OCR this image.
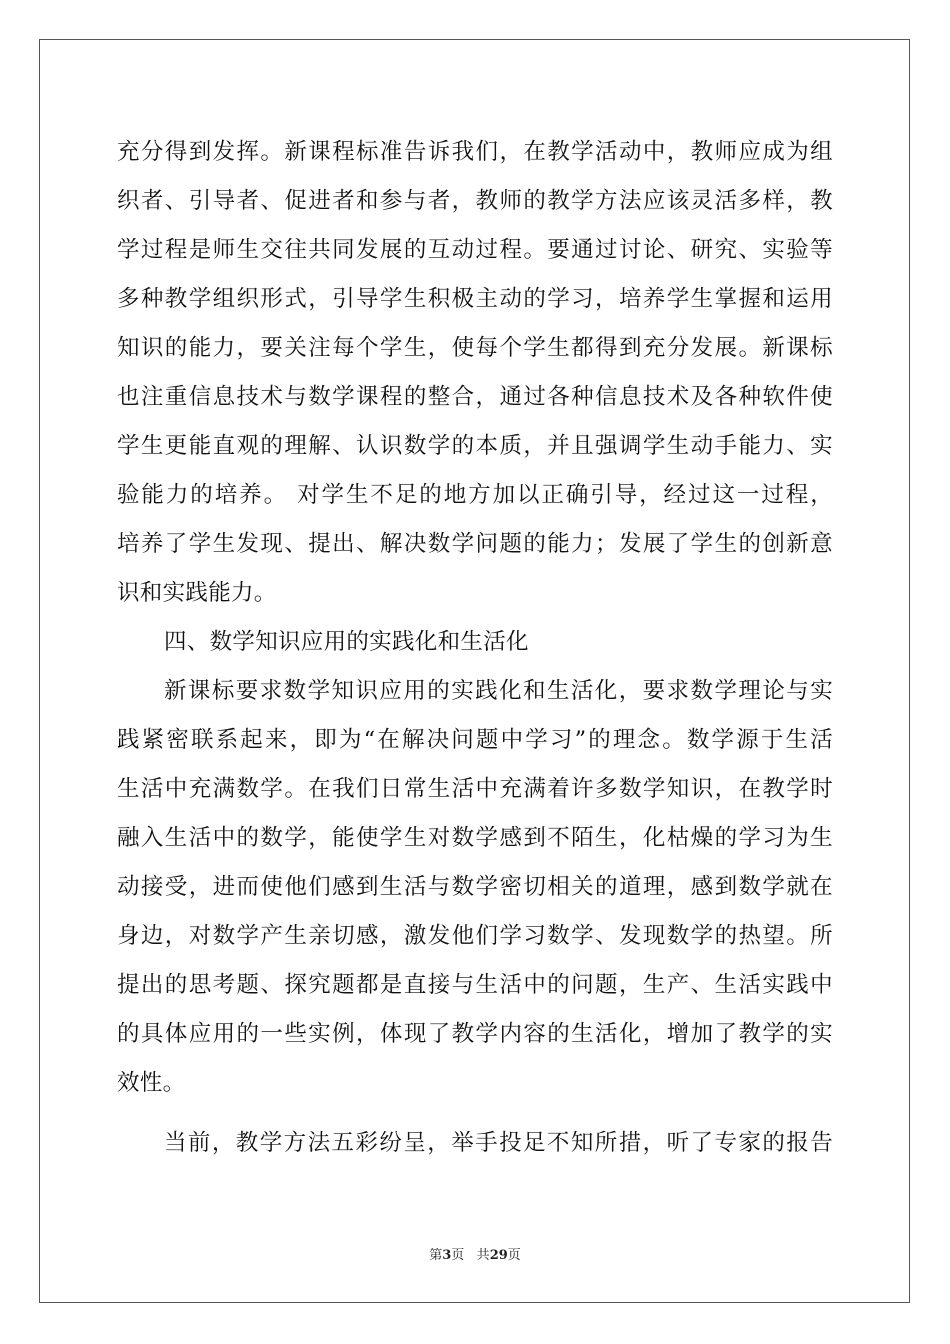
充分得到发挥。新课程标准告诉我们，在教学活动中，教师应成为组
织者、引导者、促进者和参与者，教师的教学方法应该灵活多样，教
学过程是师生交往共同发展的互动过程。要通过讨论、研究、实验等
多种教学组织形式，引导学生积极主动的学习，培养学生掌握和运用
知识的能力，要关注每个学生，使每个学生都得到充分发展。新课标
也注重信息技术与数学课程的整合，通过各种信息技术及各种软件使
学生更能直观的理解、认识数学的本质，并且强调学生动手能力、实
验能力的培养。 对学生不足的地方加以正确引导，经过这一过程，
培养了学生发现、提出、解决数学问题的能力；发展了学生的创新意
识和实践能力。
四、数学知识应用的实践化和生活化
新课标要求数学知识应用的实践化和生活化，要求数学理论与实
践紧密联系起来，即为“在解决问题中学习”的理念。数学源于生活
生活中充满数学。在我们日常生活中充满着许多数学知识，在教学时
融入生活中的数学，能使学生对数学感到不陌生，化枯燥的学习为生
动接受，进而使他们感到生活与数学密切相关的道理，感到数学就在
身边，对数学产生亲切感，激发他们学习数学、发现数学的热望。所
提出的思考题、探究题都是直接与生活中的问题，生产、生活实践中
的具体应用的一些实例，体现了教学内容的生活化，增加了教学的实
效性。
当前，教学方法五彩纷呈，举手投足不知所措，听了专家的报告
第3页 共29页
